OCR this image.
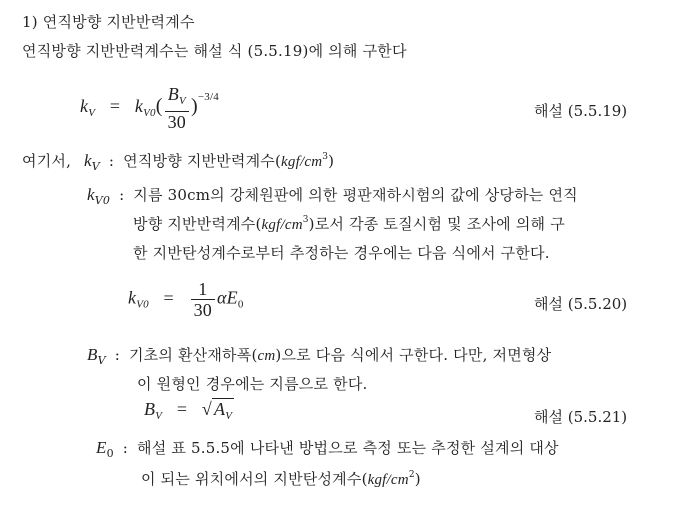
1) 연직방향 지반반력계수
연직방향 지반반력계수는 해설 식 (5.5.19)에 의해 구한다
$k_V = k_{V0}( \frac{B_V}{30} )^{-3/4}$
해설 (5.5.19)
여기서, $k_V$ : 연직방향 지반반력계수$(kgf/cm^3)$
$k_{V0}$ : 지름 30cm의 강체원판에 의한 평판재하시험의 값에 상당하는 연직
방향 지반반력계수$(kgf/cm^3)$로서 각종 토질시험 및 조사에 의해 구
한 지반탄성계수로부터 추정하는 경우에는 다음 식에서 구한다.
$k_{V0} = \frac{1}{30} \alpha E_0$	해설 (5.5.20)
$B_V$ : 기초의 환산재하폭(cm)으로 다음 식에서 구한다. 다만, 저면형상
이 원형인 경우에는 지름으로 한다.
$B_V$ = √ $A_V$	해설 (5.5.21)
$E_0$ : 해설 표 5.5.5에 나타낸 방법으로 측정 또는 추정한 설계의 대상
이 되는 위치에서의 지반탄성계수$(kgf/cm^2)$
